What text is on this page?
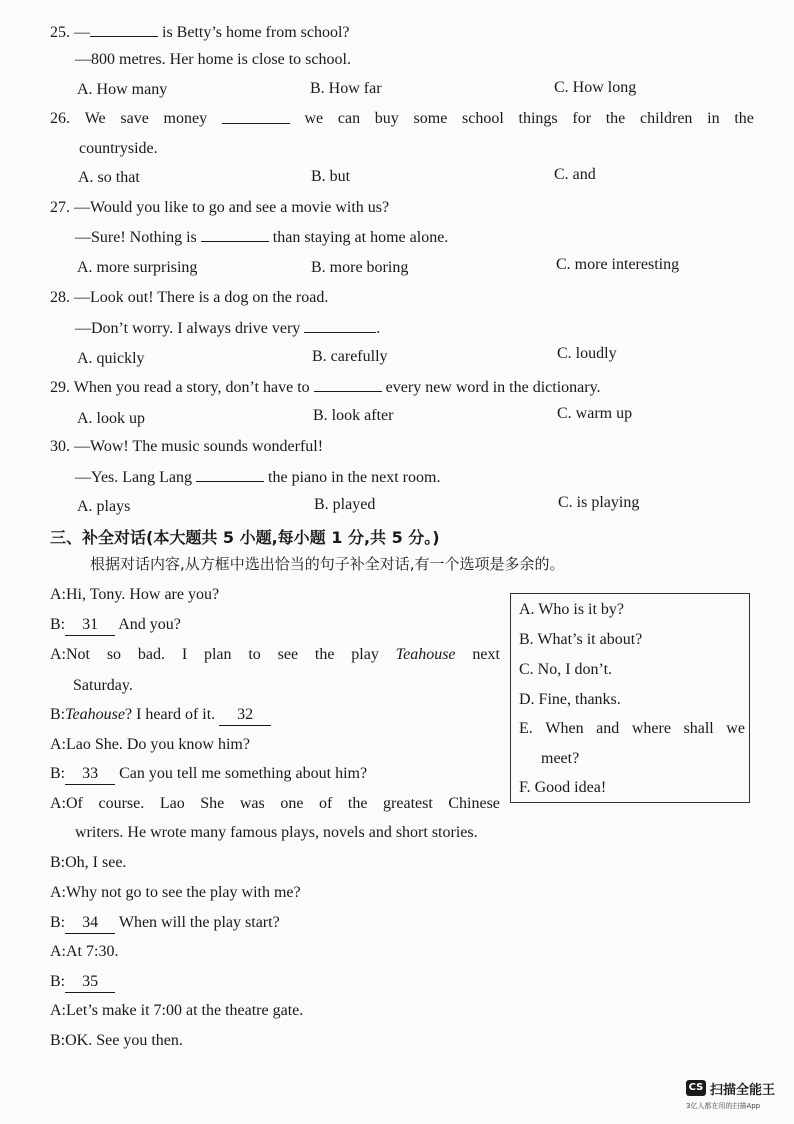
25. —	is Betty’s home from school?
—800 metres. Her home is close to school.
A. How many	B. How far	C. How long
26. We save money	we can buy some school things for the children in the
countryside.
A. so that	B. but	C. and
27. —Would you like to go and see a movie with us?
—Sure! Nothing is	than staying at home alone.
A. more surprising	B. more boring	C. more interesting
28. —Look out! There is a dog on the road.
—Don’t worry. I always drive very	.
A. quickly	B. carefully	C. loudly
29. When you read a story, don’t have to	every new word in the dictionary.
A. look up	B. look after	C. warm up
30. —Wow! The music sounds wonderful!
—Yes. Lang Lang	the piano in the next room.
A. plays	B. played	C. is playing
三、补全对话(本大题共 5 小题,每小题 1 分,共 5 分。)
根据对话内容,从方框中选出恰当的句子补全对话,有一个选项是多余的。
A:Hi, Tony. How are you?
B: 31 And you?
A:Not so bad. I plan to see the play Teahouse next
Saturday.
B:Teahouse? I heard of it. 32
A:Lao She. Do you know him?
B: 33 Can you tell me something about him?
A:Of course. Lao She was one of the greatest Chinese
writers. He wrote many famous plays, novels and short stories.
B:Oh, I see.
A:Why not go to see the play with me?
B: 34 When will the play start?
A:At 7:30.
B: 35
A:Let’s make it 7:00 at the theatre gate.
B:OK. See you then.
A. Who is it by?
B. What’s it about?
C. No, I don’t.
D. Fine, thanks.
E. When and where shall we
meet?
F. Good idea!
CS 扫描全能王
3亿人都在用的扫描App
